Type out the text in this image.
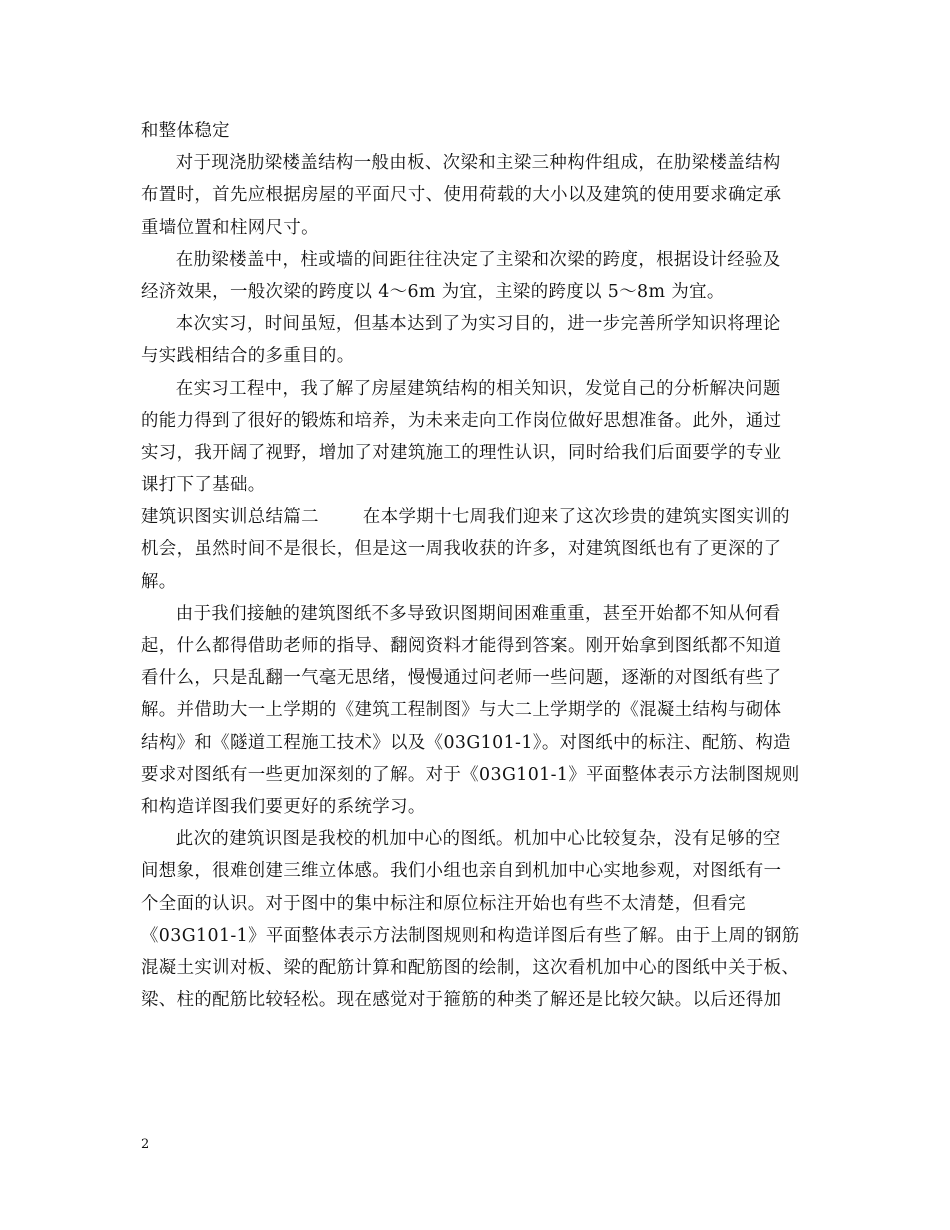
和整体稳定
对于现浇肋梁楼盖结构一般由板、次梁和主梁三种构件组成，在肋梁楼盖结构
布置时，首先应根据房屋的平面尺寸、使用荷载的大小以及建筑的使用要求确定承
重墙位置和柱网尺寸。
在肋梁楼盖中，柱或墙的间距往往决定了主梁和次梁的跨度，根据设计经验及
经济效果，一般次梁的跨度以 4～6m 为宜，主梁的跨度以 5～8m 为宜。
本次实习，时间虽短，但基本达到了为实习目的，进一步完善所学知识将理论
与实践相结合的多重目的。
在实习工程中，我了解了房屋建筑结构的相关知识，发觉自己的分析解决问题
的能力得到了很好的锻炼和培养，为未来走向工作岗位做好思想准备。此外，通过
实习，我开阔了视野，增加了对建筑施工的理性认识，同时给我们后面要学的专业
课打下了基础。
建筑识图实训总结篇二	在本学期十七周我们迎来了这次珍贵的建筑实图实训的
机会，虽然时间不是很长，但是这一周我收获的许多，对建筑图纸也有了更深的了
解。
由于我们接触的建筑图纸不多导致识图期间困难重重，甚至开始都不知从何看
起，什么都得借助老师的指导、翻阅资料才能得到答案。刚开始拿到图纸都不知道
看什么，只是乱翻一气毫无思绪，慢慢通过问老师一些问题，逐渐的对图纸有些了
解。并借助大一上学期的《建筑工程制图》与大二上学期学的《混凝土结构与砌体
结构》和《隧道工程施工技术》以及《03G101-1》。对图纸中的标注、配筋、构造
要求对图纸有一些更加深刻的了解。对于《03G101-1》平面整体表示方法制图规则
和构造详图我们要更好的系统学习。
此次的建筑识图是我校的机加中心的图纸。机加中心比较复杂，没有足够的空
间想象，很难创建三维立体感。我们小组也亲自到机加中心实地参观，对图纸有一
个全面的认识。对于图中的集中标注和原位标注开始也有些不太清楚，但看完
《03G101-1》平面整体表示方法制图规则和构造详图后有些了解。由于上周的钢筋
混凝土实训对板、梁的配筋计算和配筋图的绘制，这次看机加中心的图纸中关于板、
梁、柱的配筋比较轻松。现在感觉对于箍筋的种类了解还是比较欠缺。以后还得加
2
